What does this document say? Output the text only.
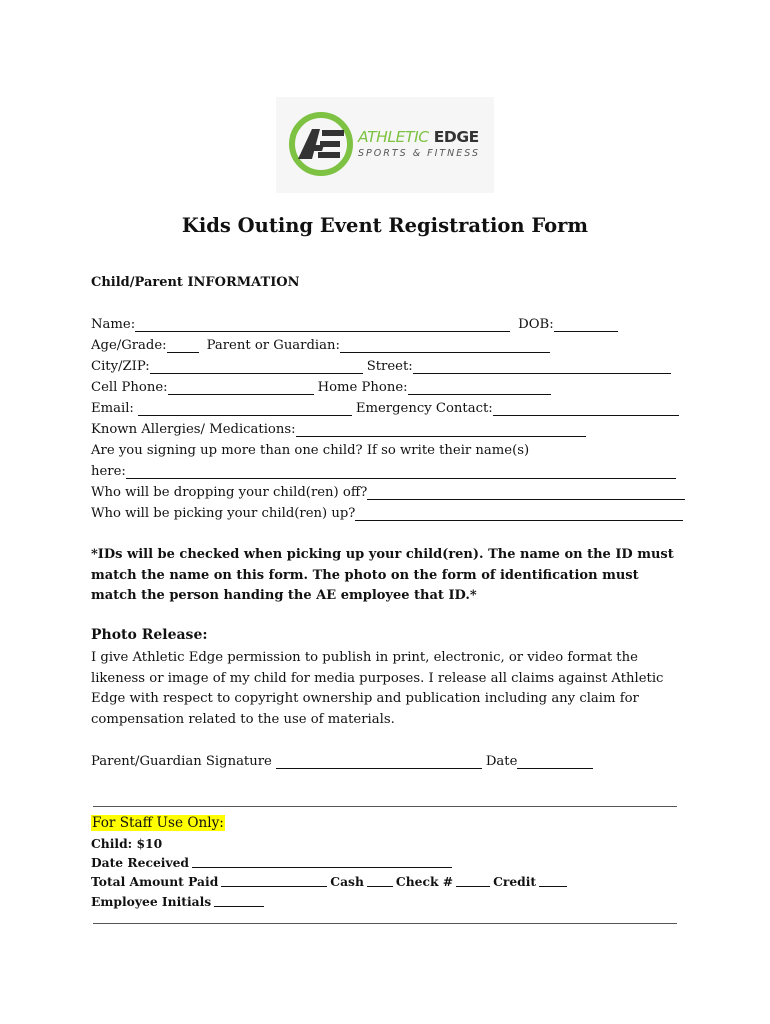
ATHLETIC EDGE
SPORTS & FITNESS
Kids Outing Event Registration Form
Child/Parent INFORMATION
Name:	DOB:
Age/Grade:	Parent or Guardian:
City/ZIP:	Street:
Cell Phone:	Home Phone:
Email:	Emergency Contact:
Known Allergies/ Medications:
Are you signing up more than one child? If so write their name(s)
here:
Who will be dropping your child(ren) off?
Who will be picking your child(ren) up?
*IDs will be checked when picking up your child(ren). The name on the ID must match the name on this form. The photo on the form of identification must match the person handing the AE employee that ID.*
Photo Release:
I give Athletic Edge permission to publish in print, electronic, or video format the likeness or image of my child for media purposes. I release all claims against Athletic Edge with respect to copyright ownership and publication including any claim for compensation related to the use of materials.
Parent/Guardian Signature	Date
For Staff Use Only:
Child: $10
Date Received
Total Amount Paid	Cash	Check #	Credit
Employee Initials
